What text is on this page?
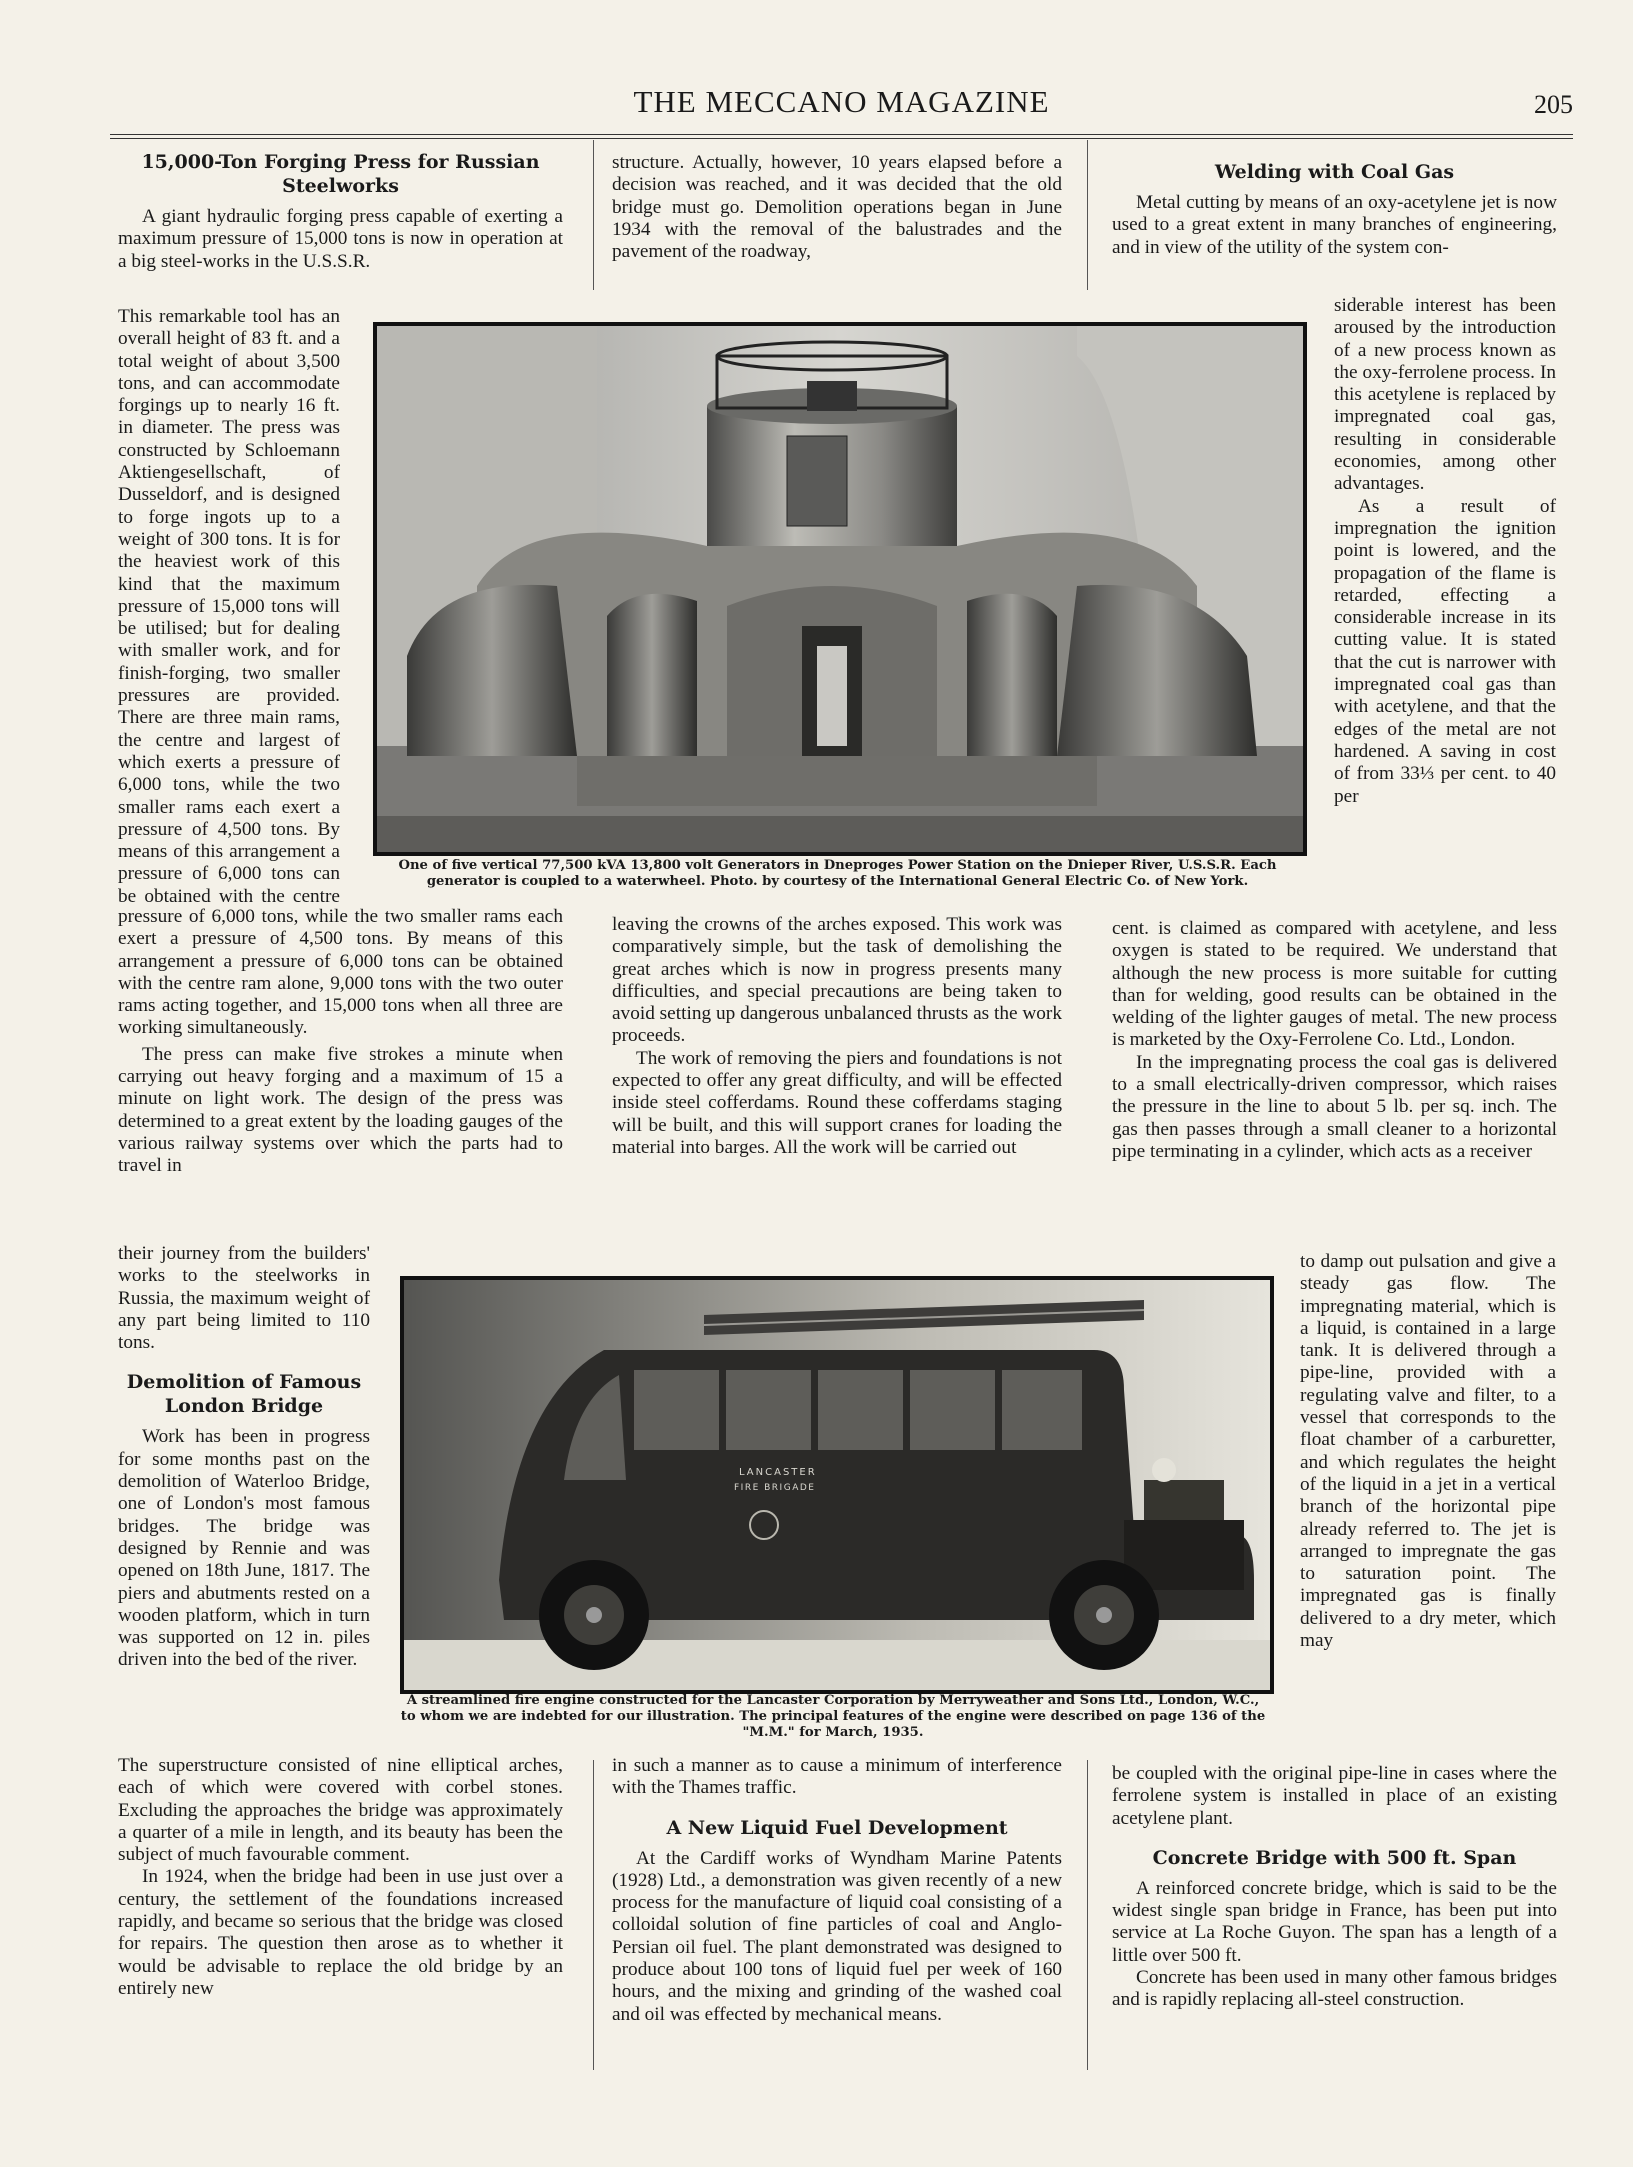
THE MECCANO MAGAZINE	205
15,000-Ton Forging Press for Russian Steelworks

A giant hydraulic forging press capable of exerting a maximum pressure of 15,000 tons is now in operation at a big steel-works in the U.S.S.R.

This remarkable tool has an overall height of 83 ft. and a total weight of about 3,500 tons, and can accommodate forgings up to nearly 16 ft. in diameter. The press was constructed by Schloemann Aktiengesellschaft, of Dusseldorf, and is designed to forge ingots up to a weight of 300 tons. It is for the heaviest work of this kind that the maximum pressure of 15,000 tons will be utilised; but for dealing with smaller work, and for finish-forging, two smaller pressures are provided. There are three main rams, the centre and largest of which exerts a pressure of 6,000 tons, while the two smaller rams each exert a pressure of 4,500 tons. By means of this arrangement a pressure of 6,000 tons can be obtained with the centre

pressure of 6,000 tons, while the two smaller rams each exert a pressure of 4,500 tons. By means of this arrangement a pressure of 6,000 tons can be obtained with the centre ram alone, 9,000 tons with the two outer rams acting together, and 15,000 tons when all three are working simultaneously.

The press can make five strokes a minute when carrying out heavy forging and a maximum of 15 a minute on light work. The design of the press was determined to a great extent by the loading gauges of the various railway systems over which the parts had to travel in

their journey from the builders' works to the steelworks in Russia, the maximum weight of any part being limited to 110 tons.

Demolition of Famous London Bridge

Work has been in progress for some months past on the demolition of Waterloo Bridge, one of London's most famous bridges. The bridge was designed by Rennie and was opened on 18th June, 1817. The piers and abutments rested on a wooden platform, which in turn was supported on 12 in. piles driven into the bed of the river.

The superstructure consisted of nine elliptical arches, each of which were covered with corbel stones. Excluding the approaches the bridge was approximately a quarter of a mile in length, and its beauty has been the subject of much favourable comment.

In 1924, when the bridge had been in use just over a century, the settlement of the foundations increased rapidly, and became so serious that the bridge was closed for repairs. The question then arose as to whether it would be advisable to replace the old bridge by an entirely new

structure. Actually, however, 10 years elapsed before a decision was reached, and it was decided that the old bridge must go. Demolition operations began in June 1934 with the removal of the balustrades and the pavement of the roadway,

Welding with Coal Gas

Metal cutting by means of an oxy-acetylene jet is now used to a great extent in many branches of engineering, and in view of the utility of the system con-

siderable interest has been aroused by the introduction of a new process known as the oxy-ferrolene process. In this acetylene is replaced by impregnated coal gas, resulting in considerable economies, among other advantages.

As a result of impregnation the ignition point is lowered, and the propagation of the flame is retarded, effecting a considerable increase in its cutting value. It is stated that the cut is narrower with impregnated coal gas than with acetylene, and that the edges of the metal are not hardened. A saving in cost of from 33⅓ per cent. to 40 per

One of five vertical 77,500 kVA 13,800 volt Generators in Dneproges Power Station on the Dnieper River, U.S.S.R. Each generator is coupled to a waterwheel. Photo. by courtesy of the International General Electric Co. of New York.

leaving the crowns of the arches exposed. This work was comparatively simple, but the task of demolishing the great arches which is now in progress presents many difficulties, and special precautions are being taken to avoid setting up dangerous unbalanced thrusts as the work proceeds.

The work of removing the piers and foundations is not expected to offer any great difficulty, and will be effected inside steel cofferdams. Round these cofferdams staging will be built, and this will support cranes for loading the material into barges. All the work will be carried out

cent. is claimed as compared with acetylene, and less oxygen is stated to be required. We understand that although the new process is more suitable for cutting than for welding, good results can be obtained in the welding of the lighter gauges of metal. The new process is marketed by the Oxy-Ferrolene Co. Ltd., London.

In the impregnating process the coal gas is delivered to a small electrically-driven compressor, which raises the pressure in the line to about 5 lb. per sq. inch. The gas then passes through a small cleaner to a horizontal pipe terminating in a cylinder, which acts as a receiver

to damp out pulsation and give a steady gas flow. The impregnating material, which is a liquid, is contained in a large tank. It is delivered through a pipe-line, provided with a regulating valve and filter, to a vessel that corresponds to the float chamber of a carburetter, and which regulates the height of the liquid in a jet in a vertical branch of the horizontal pipe already referred to. The jet is arranged to impregnate the gas to saturation point. The impregnated gas is finally delivered to a dry meter, which may

LANCASTER
FIRE BRIGADE
A streamlined fire engine constructed for the Lancaster Corporation by Merryweather and Sons Ltd., London, W.C., to whom we are indebted for our illustration. The principal features of the engine were described on page 136 of the "M.M." for March, 1935.

in such a manner as to cause a minimum of interference with the Thames traffic.

A New Liquid Fuel Development

At the Cardiff works of Wyndham Marine Patents (1928) Ltd., a demonstration was given recently of a new process for the manufacture of liquid coal consisting of a colloidal solution of fine particles of coal and Anglo-Persian oil fuel. The plant demonstrated was designed to produce about 100 tons of liquid fuel per week of 160 hours, and the mixing and grinding of the washed coal and oil was effected by mechanical means.

be coupled with the original pipe-line in cases where the ferrolene system is installed in place of an existing acetylene plant.

Concrete Bridge with 500 ft. Span

A reinforced concrete bridge, which is said to be the widest single span bridge in France, has been put into service at La Roche Guyon. The span has a length of a little over 500 ft.

Concrete has been used in many other famous bridges and is rapidly replacing all-steel construction.
